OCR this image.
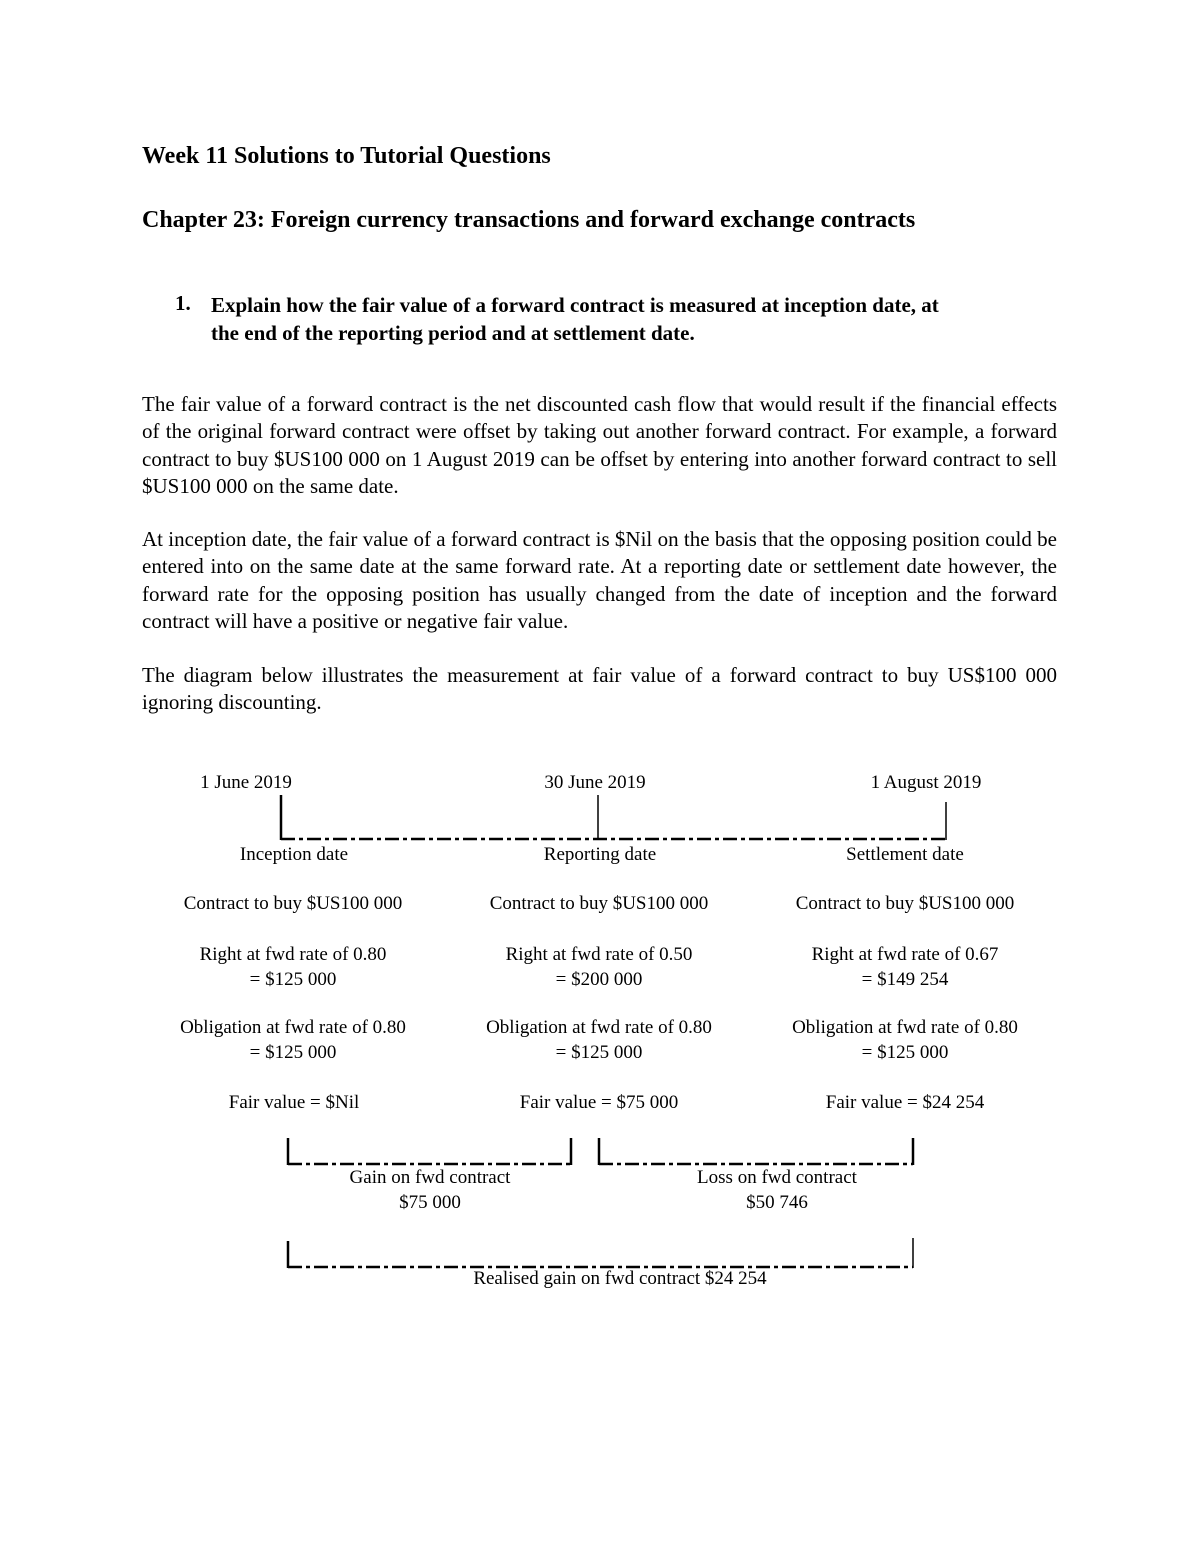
Week 11 Solutions to Tutorial Questions
Chapter 23: Foreign currency transactions and forward exchange contracts
1. Explain how the fair value of a forward contract is measured at inception date, at
the end of the reporting period and at settlement date.
The fair value of a forward contract is the net discounted cash flow that would result if the financial effects of the original forward contract were offset by taking out another forward contract. For example, a forward contract to buy $US100 000 on 1 August 2019 can be offset by entering into another forward contract to sell $US100 000 on the same date.
At inception date, the fair value of a forward contract is $Nil on the basis that the opposing position could be entered into on the same date at the same forward rate. At a reporting date or settlement date however, the forward rate for the opposing position has usually changed from the date of inception and the forward contract will have a positive or negative fair value.
The diagram below illustrates the measurement at fair value of a forward contract to buy US$100 000 ignoring discounting.
1 June 2019
Inception date
Contract to buy $US100 000
Right at fwd rate of 0.80
= $125 000
Obligation at fwd rate of 0.80
= $125 000
Fair value = $Nil
30 June 2019
Reporting date
Contract to buy $US100 000
Right at fwd rate of 0.50
= $200 000
Obligation at fwd rate of 0.80
= $125 000
Fair value = $75 000
1 August 2019
Settlement date
Contract to buy $US100 000
Right at fwd rate of 0.67
= $149 254
Obligation at fwd rate of 0.80
= $125 000
Fair value = $24 254
Gain on fwd contract
$75 000
Loss on fwd contract
$50 746
Realised gain on fwd contract $24 254
